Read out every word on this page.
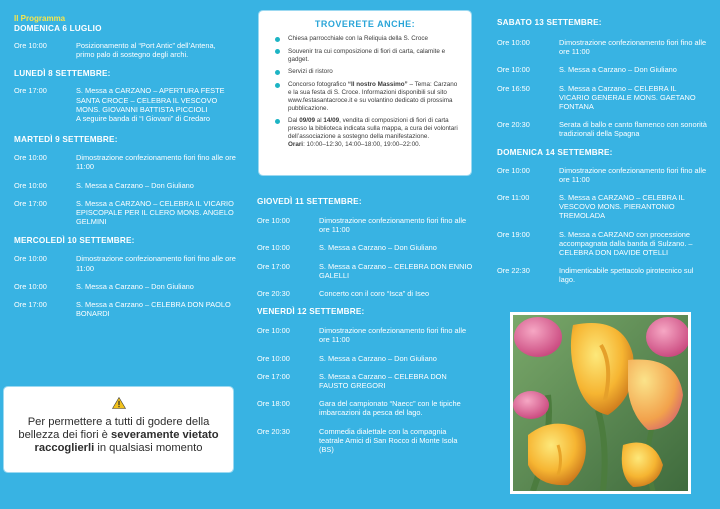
Il Programma
DOMENICA 6 LUGLIO
Ore 10:00	Posizionamento al “Port Antic” dell’Antena, primo palo di sostegno degli archi.
LUNEDÌ 8 SETTEMBRE:
Ore 17:00	S. Messa a CARZANO – APERTURA FESTE SANTA CROCE – CELEBRA IL VESCOVO MONS. GIOVANNI BATTISTA PICCIOLI
A seguire banda di “I Giovani” di Credaro
MARTEDÌ 9 SETTEMBRE:
Ore 10:00	Dimostrazione confezionamento fiori fino alle ore 11:00
Ore 10:00	S. Messa a Carzano – Don Giuliano
Ore 17:00	S. Messa a CARZANO – CELEBRA IL VICARIO EPISCOPALE PER IL CLERO MONS. ANGELO GELMINI
MERCOLEDÌ 10 SETTEMBRE:
Ore 10:00	Dimostrazione confezionamento fiori fino alle ore 11:00
Ore 10:00	S. Messa a Carzano – Don Giuliano
Ore 17:00	S. Messa a Carzano – CELEBRA DON PAOLO BONARDI

Per permettere a tutti di godere della bellezza dei fiori è severamente vietato raccoglierli in qualsiasi momento

TROVERETE ANCHE:
Chiesa parrocchiale con la Reliquia della S. Croce
Souvenir tra cui composizione di fiori di carta, calamite e gadget.
Servizi di ristoro
Concorso fotografico “Il nostro Massimo” – Tema: Carzano e la sua festa di S. Croce. Informazioni disponibili sul sito www.festasantacroce.it e su volantino dedicato di prossima pubblicazione.
Dal 09/09 al 14/09, vendita di composizioni di fiori di carta presso la biblioteca indicata sulla mappa, a cura dei volontari dell’associazione a sostegno della manifestazione.
Orari: 10:00–12:30, 14:00–18:00, 19:00–22:00.
GIOVEDÌ 11 SETTEMBRE:
Ore 10:00	Dimostrazione confezionamento fiori fino alle ore 11:00
Ore 10:00	S. Messa a Carzano – Don Giuliano
Ore 17:00	S. Messa a Carzano – CELEBRA DON ENNIO GALELLI
Ore 20:30	Concerto con il coro “Isca” di Iseo
VENERDÌ 12 SETTEMBRE:
Ore 10:00	Dimostrazione confezionamento fiori fino alle ore 11:00
Ore 10:00	S. Messa a Carzano – Don Giuliano
Ore 17:00	S. Messa a Carzano – CELEBRA DON FAUSTO GREGORI
Ore 18:00	Gara del campionato “Naecc” con le tipiche imbarcazioni da pesca del lago.
Ore 20:30	Commedia dialettale con la compagnia teatrale Amici di San Rocco di Monte Isola (BS)
SABATO 13 SETTEMBRE:
Ore 10:00	Dimostrazione confezionamento fiori fino alle ore 11:00
Ore 10:00	S. Messa a Carzano – Don Giuliano
Ore 16:50	S. Messa a Carzano – CELEBRA IL VICARIO GENERALE MONS. GAETANO FONTANA
Ore 20:30	Serata di ballo e canto flamenco con sonorità tradizionali della Spagna
DOMENICA 14 SETTEMBRE:
Ore 10:00	Dimostrazione confezionamento fiori fino alle ore 11:00
Ore 11:00	S. Messa a CARZANO – CELEBRA IL VESCOVO MONS. PIERANTONIO TREMOLADA
Ore 19:00	S. Messa a CARZANO con processione accompagnata dalla banda di Sulzano. – CELEBRA DON DAVIDE OTELLI
Ore 22:30	Indimenticabile spettacolo pirotecnico sul lago.
